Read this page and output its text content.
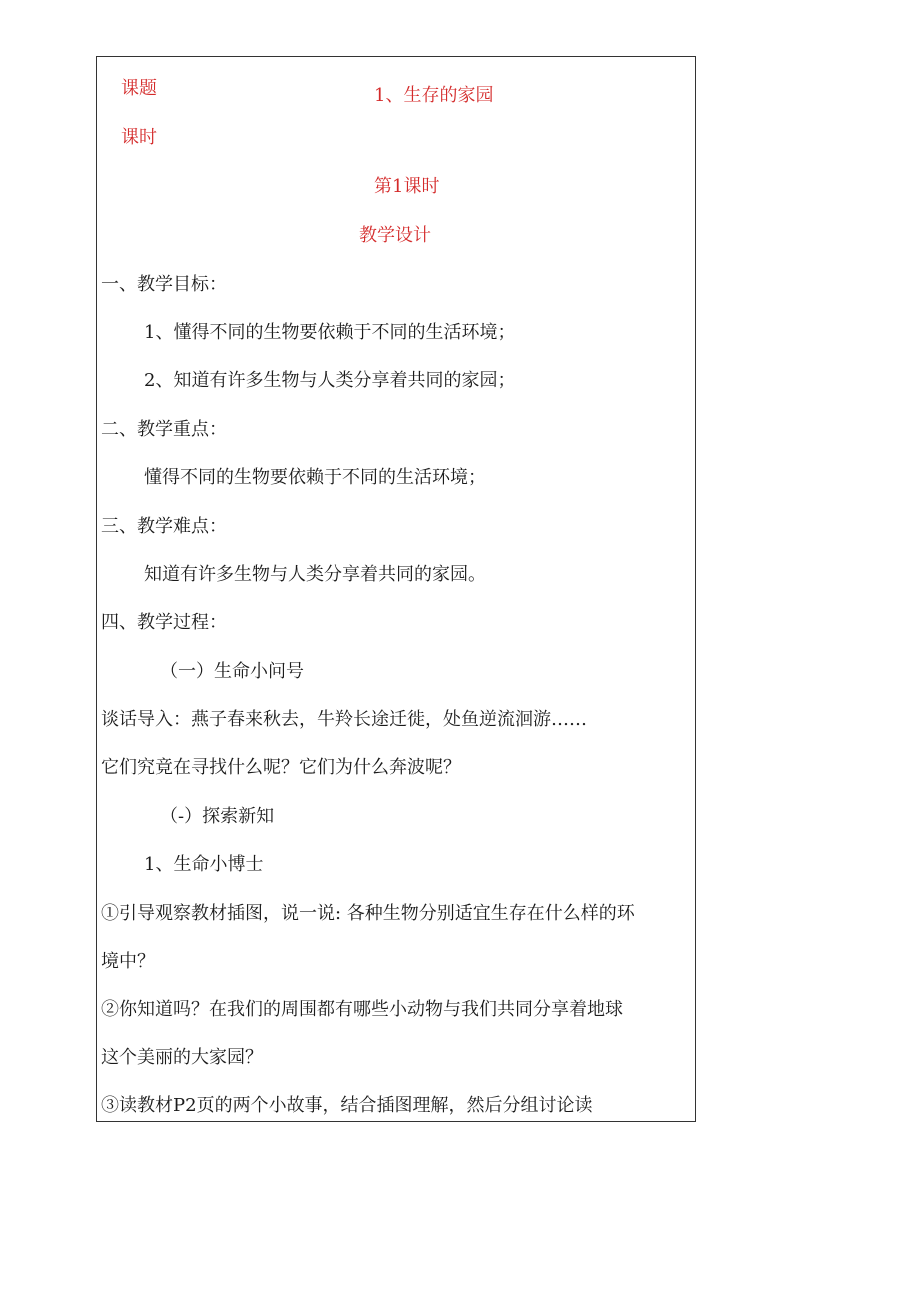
课题	1、生存的家园
课时
第1课时
教学设计
一、教学目标：
1、懂得不同的生物要依赖于不同的生活环境；
2、知道有许多生物与人类分享着共同的家园；
二、教学重点：
懂得不同的生物要依赖于不同的生活环境；
三、教学难点：
知道有许多生物与人类分享着共同的家园。
四、教学过程：
（一）生命小问号
谈话导入：燕子春来秋去，牛羚长途迁徙，处鱼逆流洄游……
它们究竟在寻找什么呢？它们为什么奔波呢？
（-）探索新知
1、生命小博士
①引导观察教材插图，说一说: 各种生物分别适宜生存在什么样的环
境中？
②你知道吗？在我们的周围都有哪些小动物与我们共同分享着地球
这个美丽的大家园？
③读教材P2页的两个小故事，结合插图理解，然后分组讨论读
